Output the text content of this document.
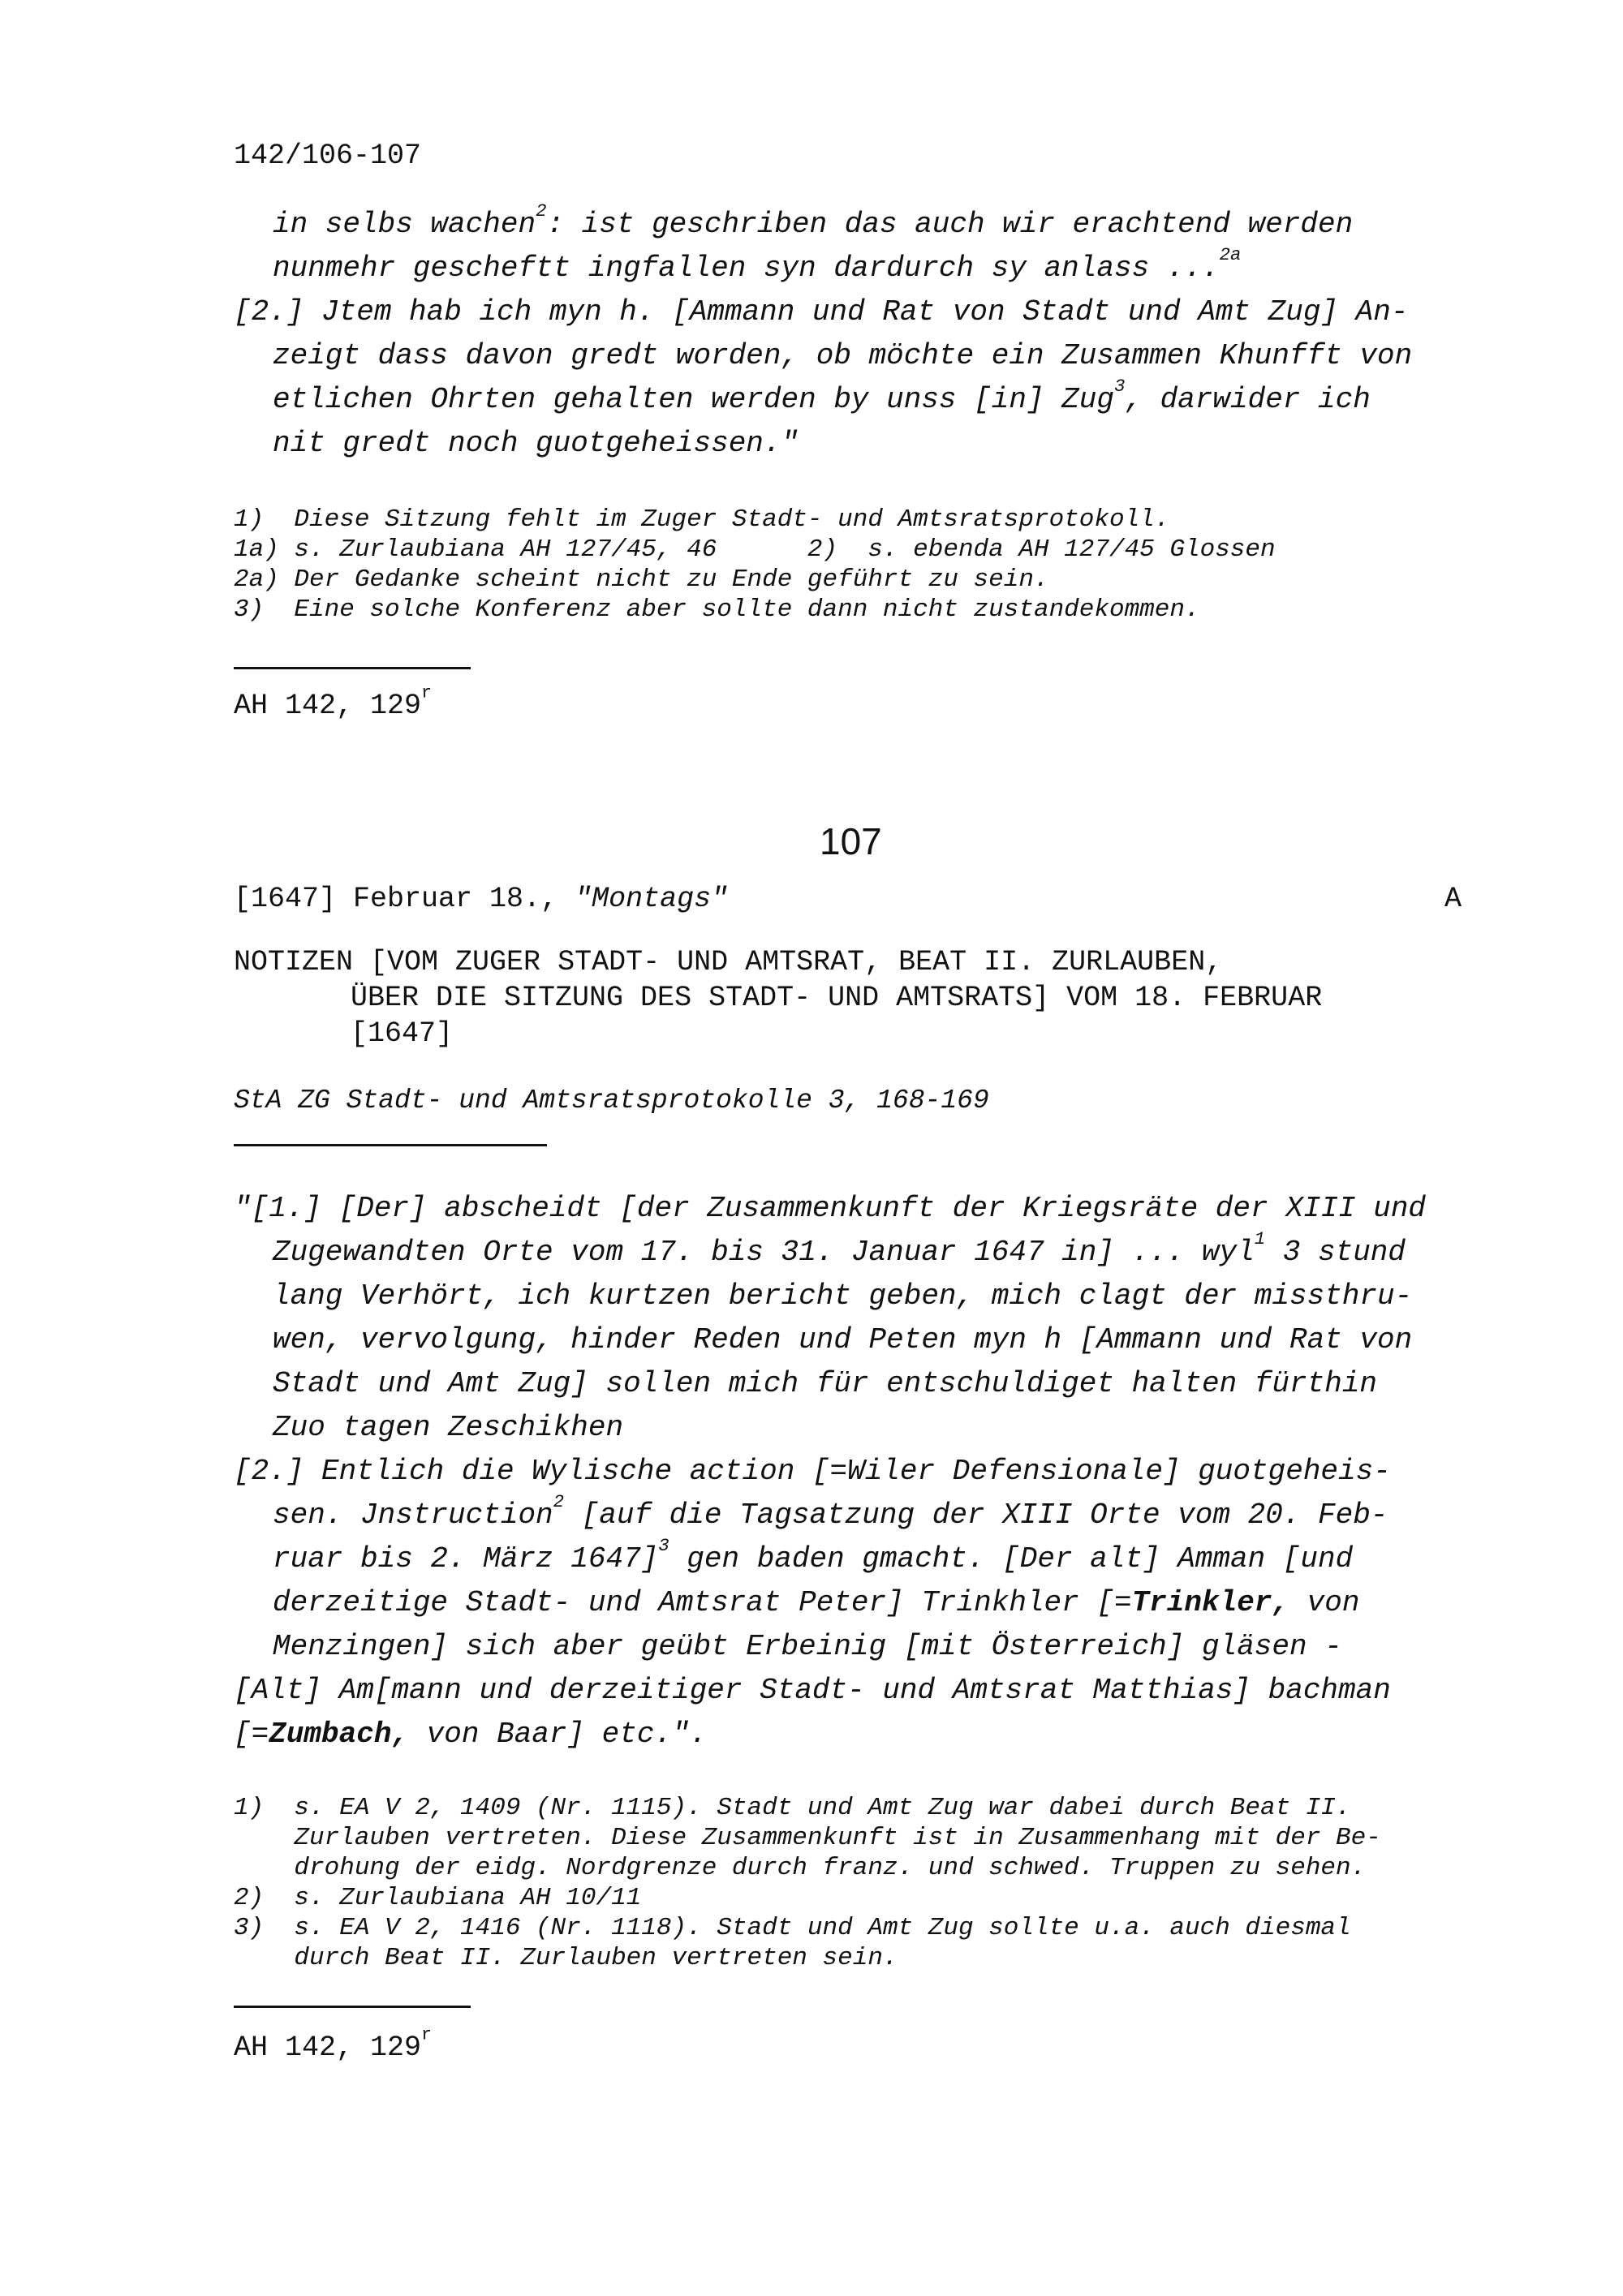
142/106-107
in selbs wachen$^2$: ist geschriben das auch wir erachtend werden
nunmehr gescheftt ingfallen syn dardurch sy anlass ...$^{2a}$
[2.] Jtem hab ich myn h. [Ammann und Rat von Stadt und Amt Zug] An-
zeigt dass davon gredt worden, ob möchte ein Zusammen Khunfft von
etlichen Ohrten gehalten werden by unss [in] Zug$^3$, darwider ich
nit gredt noch guotgeheissen."
1)  Diese Sitzung fehlt im Zuger Stadt- und Amtsratsprotokoll.
1a) s. Zurlaubiana AH 127/45, 46      2)  s. ebenda AH 127/45 Glossen
2a) Der Gedanke scheint nicht zu Ende geführt zu sein.
3)  Eine solche Konferenz aber sollte dann nicht zustandekommen.
AH 142, 129$^r$
107
[1647] Februar 18., "Montags"	A
NOTIZEN [VOM ZUGER STADT- UND AMTSRAT, BEAT II. ZURLAUBEN,
ÜBER DIE SITZUNG DES STADT- UND AMTSRATS] VOM 18. FEBRUAR
[1647]
StA ZG Stadt- und Amtsratsprotokolle 3, 168-169
"[1.] [Der] abscheidt [der Zusammenkunft der Kriegsräte der XIII und
Zugewandten Orte vom 17. bis 31. Januar 1647 in] ... wyl$^1$ 3 stund
lang Verhört, ich kurtzen bericht geben, mich clagt der missthru-
wen, vervolgung, hinder Reden und Peten myn h [Ammann und Rat von
Stadt und Amt Zug] sollen mich für entschuldiget halten fürthin
Zuo tagen Zeschikhen
[2.] Entlich die Wylische action [=Wiler Defensionale] guotgeheis-
sen. Jnstruction$^2$ [auf die Tagsatzung der XIII Orte vom 20. Feb-
ruar bis 2. März 1647]$^3$ gen baden gmacht. [Der alt] Amman [und
derzeitige Stadt- und Amtsrat Peter] Trinkhler [=Trinkler, von
Menzingen] sich aber geübt Erbeinig [mit Österreich] gläsen -
[Alt] Am[mann und derzeitiger Stadt- und Amtsrat Matthias] bachman
[=Zumbach, von Baar] etc.".
1)  s. EA V 2, 1409 (Nr. 1115). Stadt und Amt Zug war dabei durch Beat II.
Zurlauben vertreten. Diese Zusammenkunft ist in Zusammenhang mit der Be-
drohung der eidg. Nordgrenze durch franz. und schwed. Truppen zu sehen.
2)  s. Zurlaubiana AH 10/11
3)  s. EA V 2, 1416 (Nr. 1118). Stadt und Amt Zug sollte u.a. auch diesmal
durch Beat II. Zurlauben vertreten sein.
AH 142, 129$^r$
